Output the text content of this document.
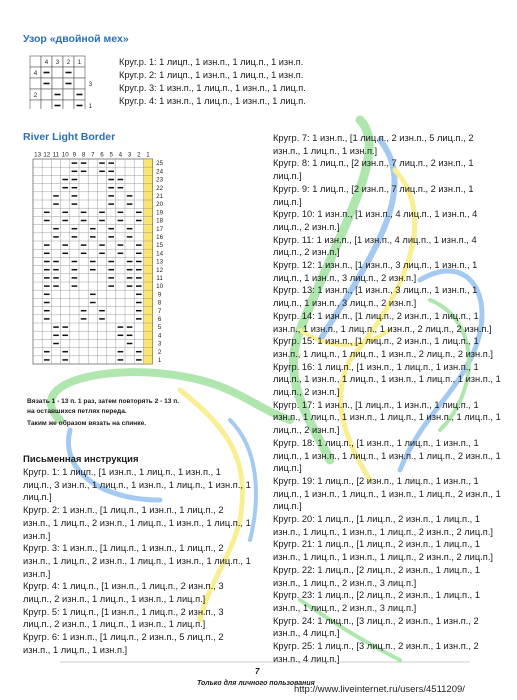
Узор «двойной мех»
4 3 2 1
4
2
3
1
Круг.р. 1: 1 лицп., 1 изн.п., 1 лиц.п., 1 изн.п.
Круг.р. 2: 1 лицп., 1 изн.п., 1 лиц.п., 1 изн.п.
Круг.р. 3: 1 изн.п., 1 лиц.п., 1 изн.п., 1 лиц.п.
Круг.р. 4: 1 изн.п., 1 лиц.п., 1 изн.п., 1 лиц.п.
River Light Border
13 12 11 10 9 8 7 6 5 4 3 2 1
25
24
23
22
21
20
19
18
17
16
15
14
13
12
11
10
9
8
7
6
5
4
3
2
1
Вязать 1 - 13 п. 1 раз, затем повторять 2 - 13 п.
на оставшихся петлях переда.
Таким же образом вязать на спинке.
Письменная инструкция
Кругр. 1: 1 лицп., [1 изн.п., 1 лиц.п., 1 изн.п., 1
лиц.п., 3 изн.п., 1 лиц.п., 1 изн.п., 1 лиц.п., 1 изн.п., 1
лиц.п.]
Кругр. 2: 1 изн.п., [1 лиц.п., 1 изн.п., 1 лиц.п., 2
изн.п., 1 лиц.п., 2 изн.п., 1 лиц.п., 1 изн.п., 1 лиц.п., 1
изн.п.]
Кругр. 3: 1 изн.п., [1 лиц.п., 1 изн.п., 1 лиц.п., 2
изн.п., 1 лиц.п., 2 изн.п., 1 лиц.п., 1 изн.п., 1 лиц.п., 1
изн.п.]
Кругр. 4: 1 лиц.п., [1 изн.п., 1 лиц.п., 2 изн.п., 3
лиц.п., 2 изн.п., 1 лиц.п., 1 изн.п., 1 лиц.п.]
Кругр. 5: 1 лиц.п., [1 изн.п., 1 лиц.п., 2 изн.п., 3
лиц.п., 2 изн.п., 1 лиц.п., 1 изн.п., 1 лиц.п.]
Кругр. 6: 1 изн.п., [1 лиц.п., 2 изн.п., 5 лиц.п., 2
изн.п., 1 лиц.п., 1 изн.п.]
Кругр. 7: 1 изн.п., [1 лиц.п., 2 изн.п., 5 лиц.п., 2
изн.п., 1 лиц.п., 1 изн.п.]
Кругр. 8: 1 лиц.п., [2 изн.п., 7 лиц.п., 2 изн.п., 1
лиц.п.]
Кругр. 9: 1 лиц.п., [2 изн.п., 7 лиц.п., 2 изн.п., 1
лиц.п.]
Кругр. 10: 1 изн.п., [1 изн.п., 4 лиц.п., 1 изн.п., 4
лиц.п., 2 изн.п.]
Кругр. 11: 1 изн.п., [1 изн.п., 4 лиц.п., 1 изн.п., 4
лиц.п., 2 изн.п.]
Кругр. 12: 1 изн.п., [1 изн.п., 3 лиц.п., 1 изн.п., 1
лиц.п., 1 изн.п., 3 лиц.п., 2 изн.п.]
Кругр. 13: 1 изн.п., [1 изн.п., 3 лиц.п., 1 изн.п., 1
лиц.п., 1 изн.п., 3 лиц.п., 2 изн.п.]
Кругр. 14: 1 изн.п., [1 лиц.п., 2 изн.п., 1 лиц.п., 1
изн.п., 1 изн.п., 1 лиц.п., 1 изн.п., 2 лиц.п., 2 изн.п.]
Кругр. 15: 1 изн.п., [1 лиц.п., 2 изн.п., 1 лиц.п., 1
изн.п., 1 лиц.п., 1 лиц.п., 1 изн.п., 2 лиц.п., 2 изн.п.]
Кругр. 16: 1 лиц.п., [1 изн.п., 1 лиц.п., 1 изн.п., 1
лиц.п., 1 изн.п., 1 лиц.п., 1 изн.п., 1 лиц.п., 1 изн.п., 1
лиц.п., 2 изн.п.]
Кругр. 17: 1 изн.п., [1 лиц.п., 1 изн.п., 1 лиц.п., 1
изн.п., 1 лиц.п., 1 изн.п., 1 лиц.п., 1 изн.п., 1 лиц.п., 1
лиц.п., 2 изн.п.]
Кругр. 18: 1 лиц.п., [1 изн.п., 1 лиц.п., 1 изн.п., 1
лиц.п., 1 изн.п., 1 лиц.п., 1 изн.п., 1 лиц.п., 2 изн.п., 1
лиц.п.]
Кругр. 19: 1 лиц.п., [2 изн.п., 1 лиц.п., 1 изн.п., 1
лиц.п., 1 изн.п., 1 лиц.п., 1 изн.п., 1 лиц.п., 2 изн.п., 1
лиц.п.]
Кругр. 20: 1 лиц.п., [1 лиц.п., 2 изн.п., 1 лиц.п., 1
изн.п., 1 лиц.п., 1 изн.п., 1 лиц.п., 2 изн.п., 2 лиц.п.]
Кругр. 21: 1 лиц.п., [1 лиц.п., 2 изн.п., 1 лиц.п., 1
изн.п., 1 лиц.п., 1 изн.п., 1 лиц.п., 2 изн.п., 2 лиц.п.]
Кругр. 22: 1 лиц.п., [2 лиц.п., 2 изн.п., 1 лиц.п., 1
изн.п., 1 лиц.п., 2 изн.п., 3 лиц.п.]
Кругр. 23: 1 лиц.п., [2 лиц.п., 2 изн.п., 1 лиц.п., 1
изн.п., 1 лиц.п., 2 изн.п., 3 лиц.п.]
Кругр. 24: 1 лиц.п., [3 лиц.п., 2 изн.п., 1 изн.п., 2
изн.п., 4 лиц.п.]
Кругр. 25: 1 лиц.п., [3 лиц.п., 2 изн.п., 1 изн.п., 2
изн.п., 4 лиц.п.]
7
Только для личного пользования
http://www.liveinternet.ru/users/4511209/
